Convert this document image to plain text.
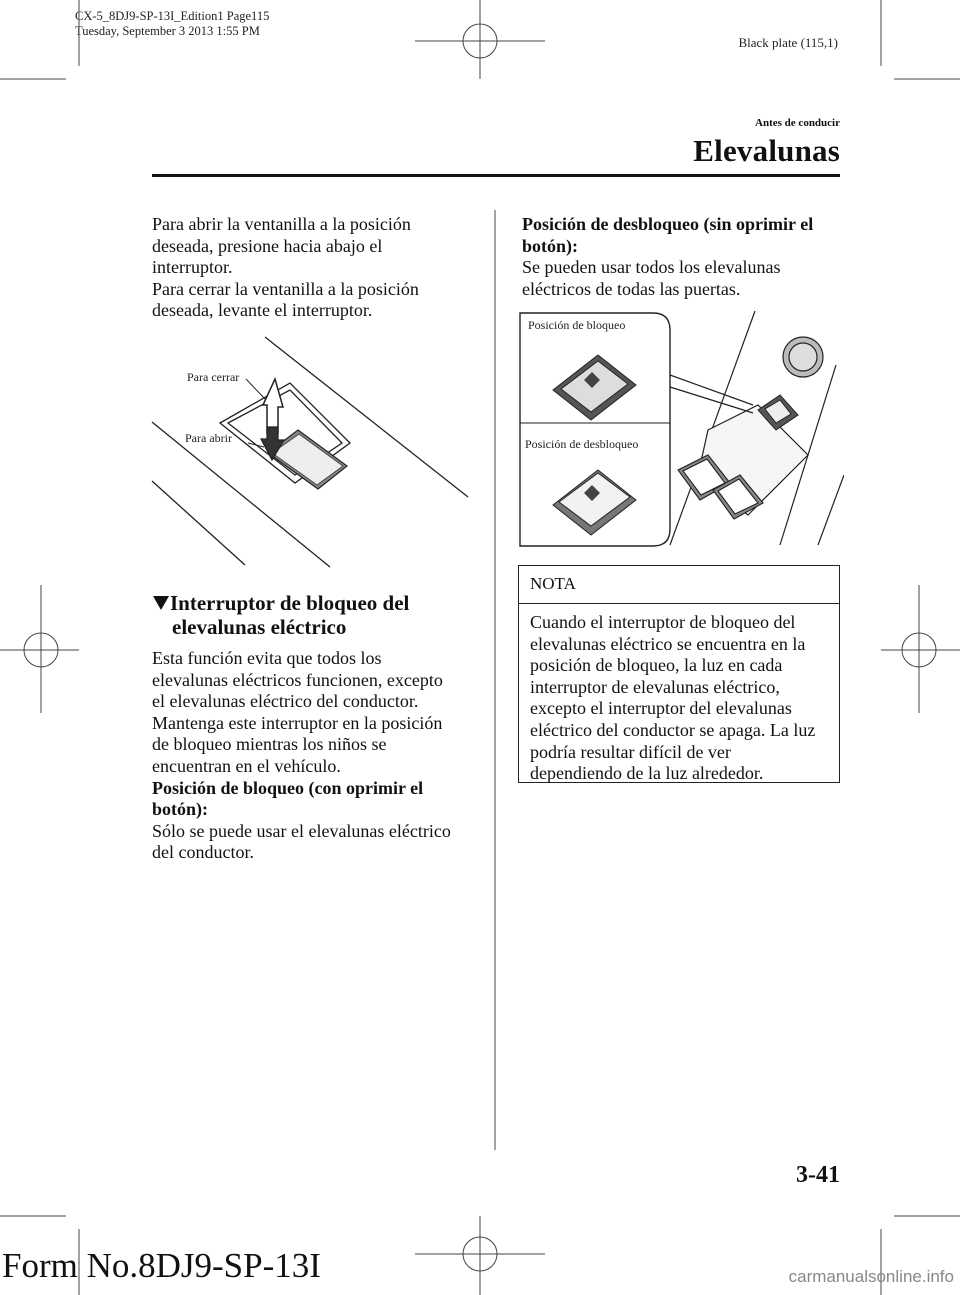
CX-5_8DJ9-SP-13I_Edition1 Page115
Tuesday, September 3 2013 1:55 PM
Black plate (115,1)
Antes de conducir
Elevalunas

Para abrir la ventanilla a la posición

deseada, presione hacia abajo el

interruptor.

Para cerrar la ventanilla a la posición

deseada, levante el interruptor.

Para cerrar
Para abrir
Interruptor de bloqueo del
elevalunas eléctrico

Esta función evita que todos los

elevalunas eléctricos funcionen, excepto

el elevalunas eléctrico del conductor.

Mantenga este interruptor en la posición

de bloqueo mientras los niños se

encuentran en el vehículo.

Posición de bloqueo (con oprimir el

botón):

Sólo se puede usar el elevalunas eléctrico

del conductor.

Posición de desbloqueo (sin oprimir el

botón):

Se pueden usar todos los elevalunas

eléctricos de todas las puertas.

Posición de bloqueo
Posición de desbloqueo
NOTA
Cuando el interruptor de bloqueo del
elevalunas eléctrico se encuentra en la
posición de bloqueo, la luz en cada
interruptor de elevalunas eléctrico,
excepto el interruptor del elevalunas
eléctrico del conductor se apaga. La luz
podría resultar difícil de ver
dependiendo de la luz alrededor.
3-41
Form No.8DJ9-SP-13I	carmanualsonline.info
